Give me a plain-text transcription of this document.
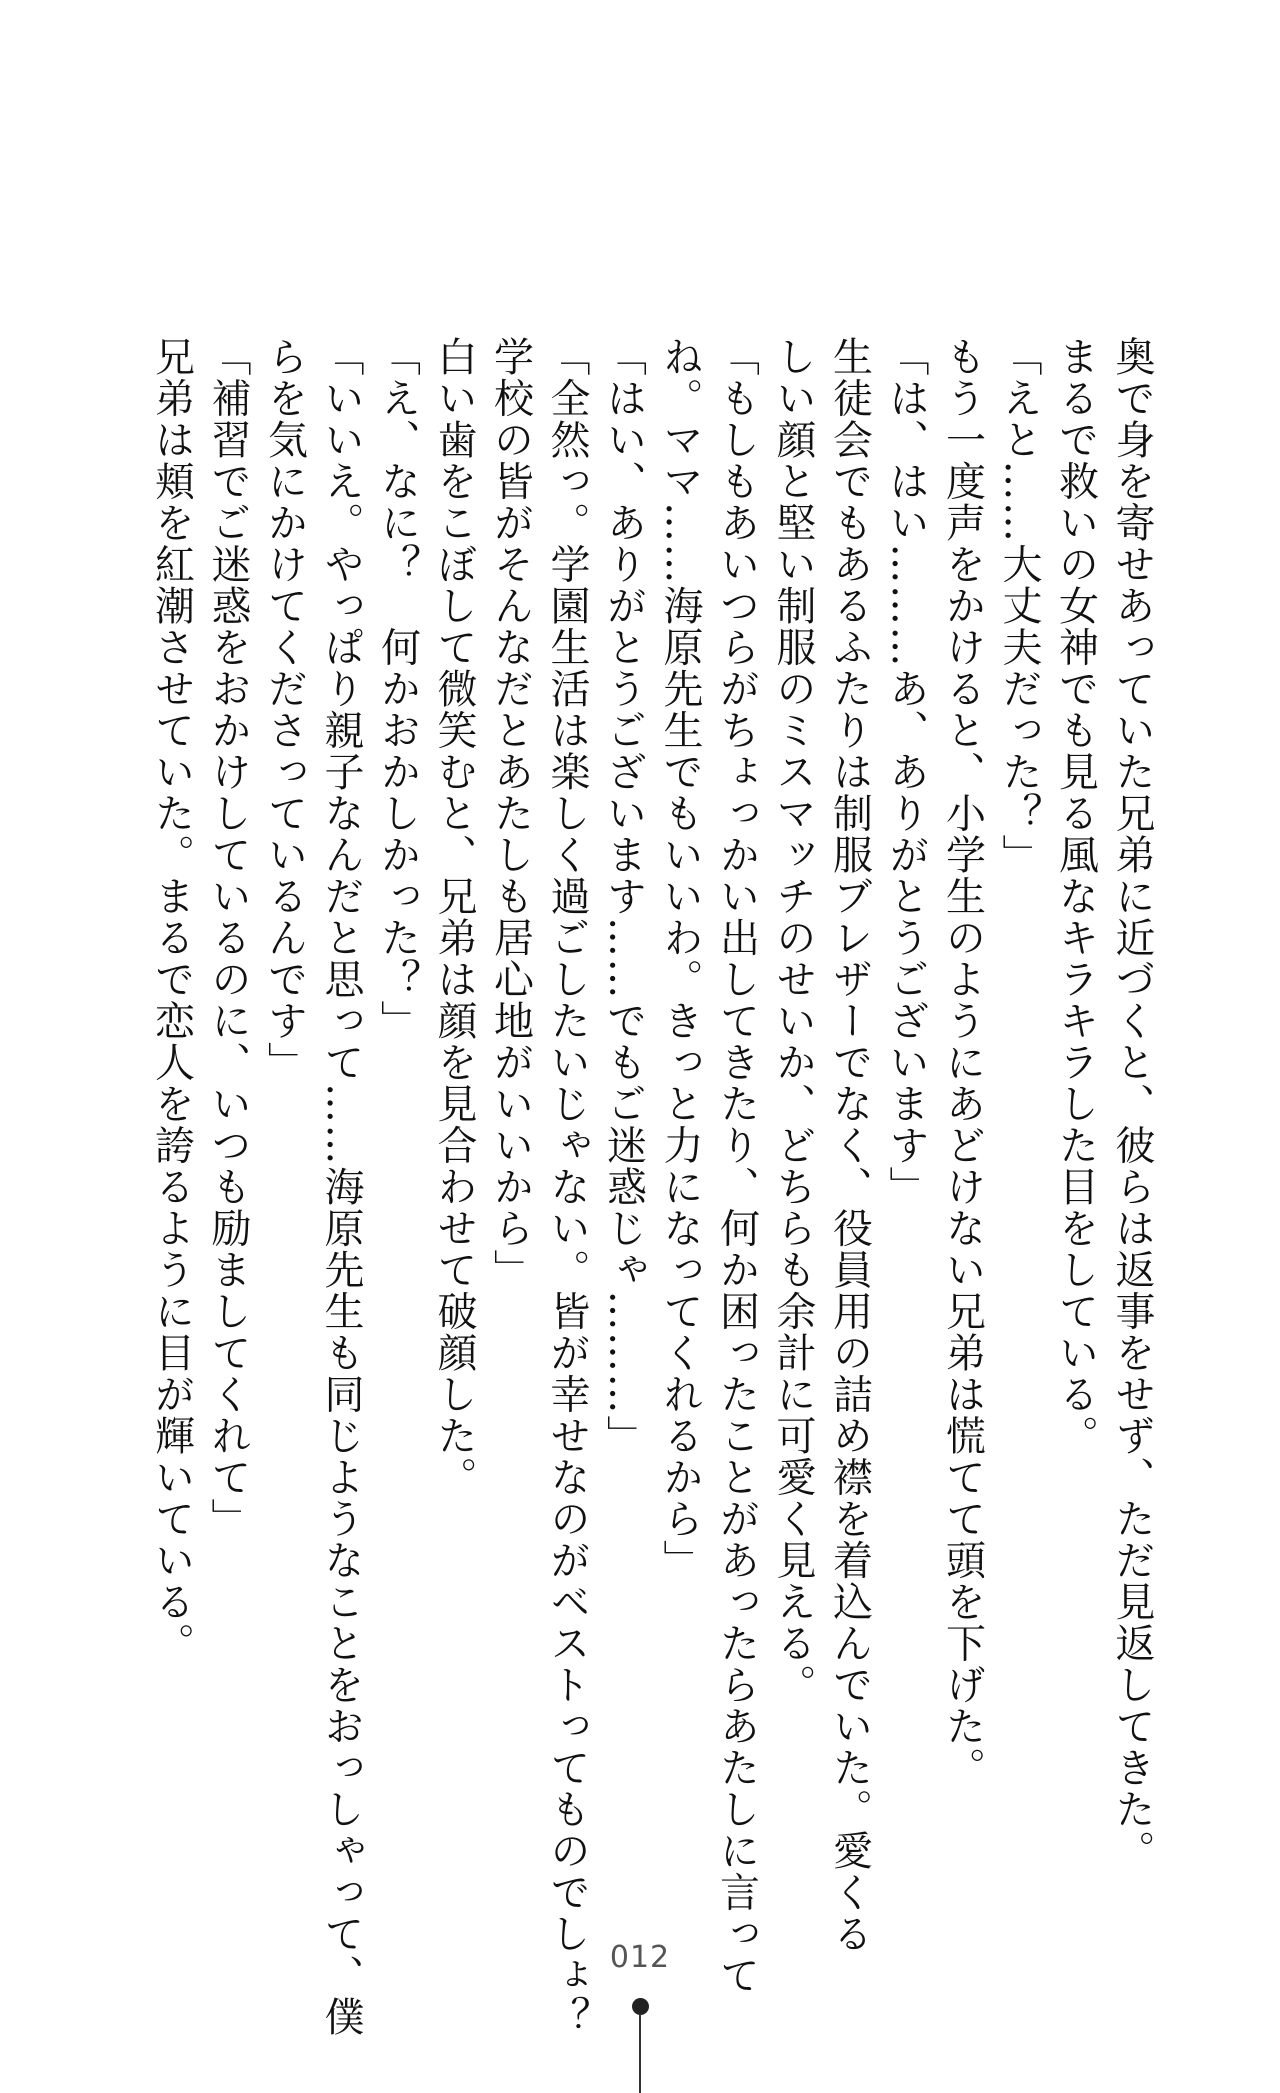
奥で身を寄せあっていた兄弟に近づくと、彼らは返事をせず、ただ見返してきた。
まるで救いの女神でも見る風なキラキラした目をしている。
「えと……大丈夫だった？」
もう一度声をかけると、小学生のようにあどけない兄弟は慌てて頭を下げた。
「は、はい………あ、ありがとうございます」
生徒会でもあるふたりは制服ブレザーでなく、役員用の詰め襟を着込んでいた。愛くる
しい顔と堅い制服のミスマッチのせいか、どちらも余計に可愛く見える。
「もしもあいつらがちょっかい出してきたり、何か困ったことがあったらあたしに言って
ね。ママ……海原先生でもいいわ。きっと力になってくれるから」
「はい、ありがとうございます……でもご迷惑じゃ………」
「全然っ。学園生活は楽しく過ごしたいじゃない。皆が幸せなのがベストってものでしょ？
学校の皆がそんなだとあたしも居心地がいいから」
白い歯をこぼして微笑むと、兄弟は顔を見合わせて破顔した。
「え、なに？　何かおかしかった？」
「いいえ。やっぱり親子なんだと思って……海原先生も同じようなことをおっしゃって、僕
らを気にかけてくださっているんです」
「補習でご迷惑をおかけしているのに、いつも励ましてくれて」
兄弟は頬を紅潮させていた。まるで恋人を誇るように目が輝いている。
012
